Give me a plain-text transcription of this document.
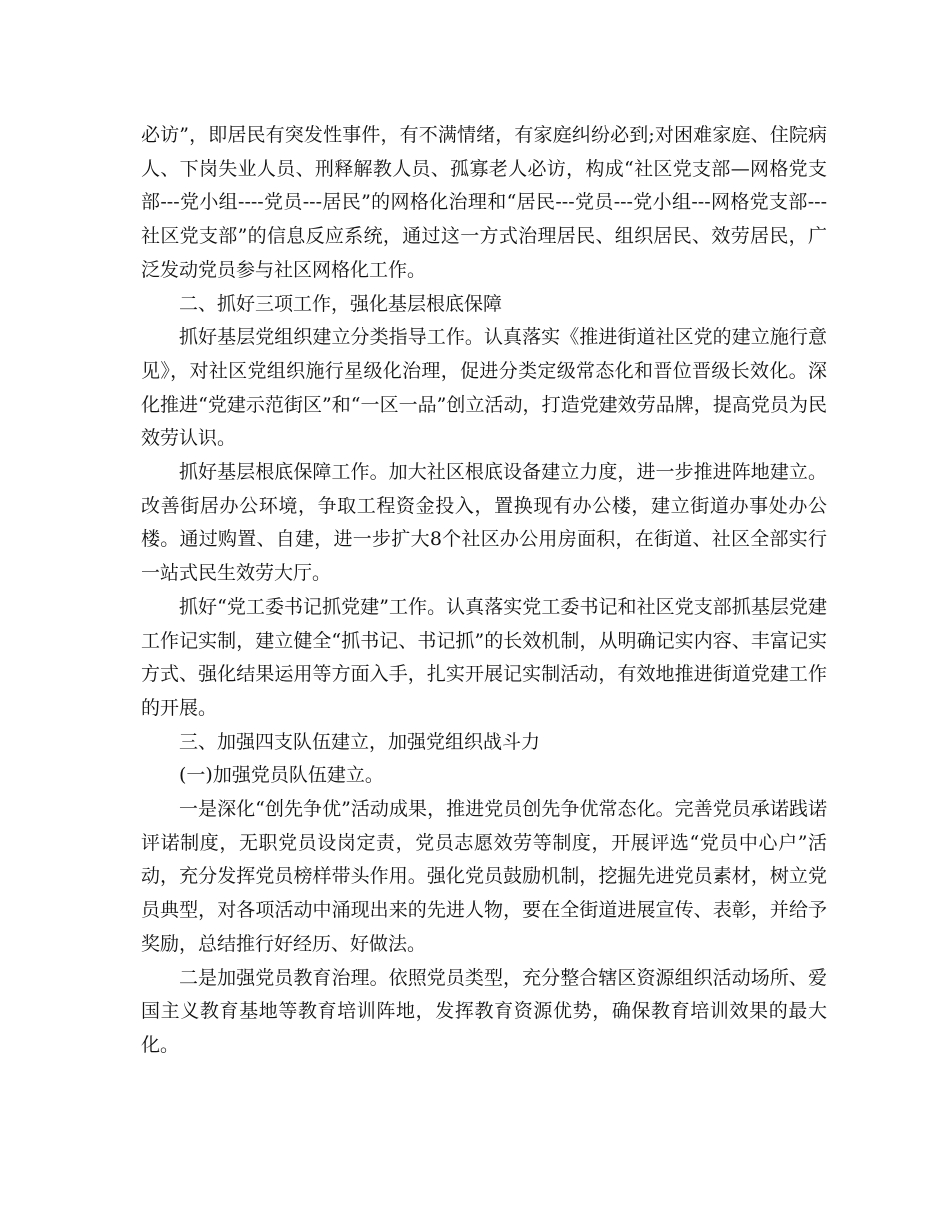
必访”，即居民有突发性事件，有不满情绪，有家庭纠纷必到;对困难家庭、住院病人、下岗失业人员、刑释解教人员、孤寡老人必访，构成“社区党支部—网格党支部---党小组----党员---居民”的网格化治理和“居民---党员---党小组---网格党支部---社区党支部”的信息反应系统，通过这一方式治理居民、组织居民、效劳居民，广泛发动党员参与社区网格化工作。

二、抓好三项工作，强化基层根底保障

抓好基层党组织建立分类指导工作。认真落实《推进街道社区党的建立施行意见》，对社区党组织施行星级化治理，促进分类定级常态化和晋位晋级长效化。深化推进“党建示范街区”和“一区一品”创立活动，打造党建效劳品牌，提高党员为民效劳认识。

抓好基层根底保障工作。加大社区根底设备建立力度，进一步推进阵地建立。改善街居办公环境，争取工程资金投入，置换现有办公楼，建立街道办事处办公楼。通过购置、自建，进一步扩大8个社区办公用房面积，在街道、社区全部实行一站式民生效劳大厅。

抓好“党工委书记抓党建”工作。认真落实党工委书记和社区党支部抓基层党建工作记实制，建立健全“抓书记、书记抓”的长效机制，从明确记实内容、丰富记实方式、强化结果运用等方面入手，扎实开展记实制活动，有效地推进街道党建工作的开展。

三、加强四支队伍建立，加强党组织战斗力

(一)加强党员队伍建立。

一是深化“创先争优”活动成果，推进党员创先争优常态化。完善党员承诺践诺评诺制度，无职党员设岗定责，党员志愿效劳等制度，开展评选“党员中心户”活动，充分发挥党员榜样带头作用。强化党员鼓励机制，挖掘先进党员素材，树立党员典型，对各项活动中涌现出来的先进人物，要在全街道进展宣传、表彰，并给予奖励，总结推行好经历、好做法。

二是加强党员教育治理。依照党员类型，充分整合辖区资源组织活动场所、爱国主义教育基地等教育培训阵地，发挥教育资源优势，确保教育培训效果的最大化。
